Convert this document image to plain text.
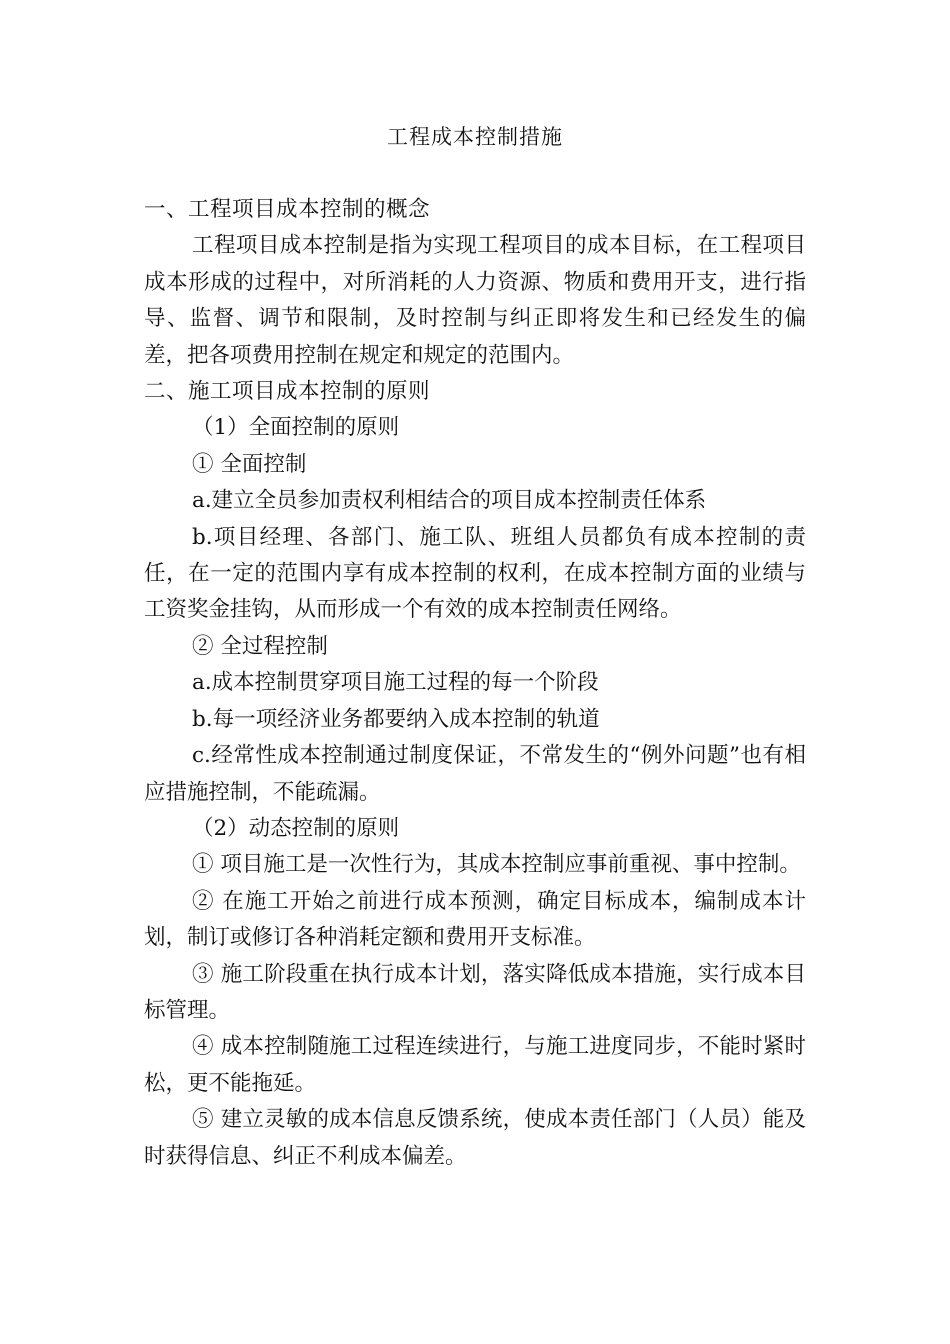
工程成本控制措施

一、工程项目成本控制的概念

工程项目成本控制是指为实现工程项目的成本目标，在工程项目成本形成的过程中，对所消耗的人力资源、物质和费用开支，进行指导、监督、调节和限制，及时控制与纠正即将发生和已经发生的偏差，把各项费用控制在规定和规定的范围内。

二、施工项目成本控制的原则

（1）全面控制的原则

① 全面控制

a.建立全员参加责权利相结合的项目成本控制责任体系

b.项目经理、各部门、施工队、班组人员都负有成本控制的责任，在一定的范围内享有成本控制的权利，在成本控制方面的业绩与工资奖金挂钩，从而形成一个有效的成本控制责任网络。

② 全过程控制

a.成本控制贯穿项目施工过程的每一个阶段

b.每一项经济业务都要纳入成本控制的轨道

c.经常性成本控制通过制度保证，不常发生的“例外问题”也有相应措施控制，不能疏漏。

（2）动态控制的原则

① 项目施工是一次性行为，其成本控制应事前重视、事中控制。

② 在施工开始之前进行成本预测，确定目标成本，编制成本计划，制订或修订各种消耗定额和费用开支标准。

③ 施工阶段重在执行成本计划，落实降低成本措施，实行成本目标管理。

④ 成本控制随施工过程连续进行，与施工进度同步，不能时紧时松，更不能拖延。

⑤ 建立灵敏的成本信息反馈系统，使成本责任部门（人员）能及时获得信息、纠正不利成本偏差。
